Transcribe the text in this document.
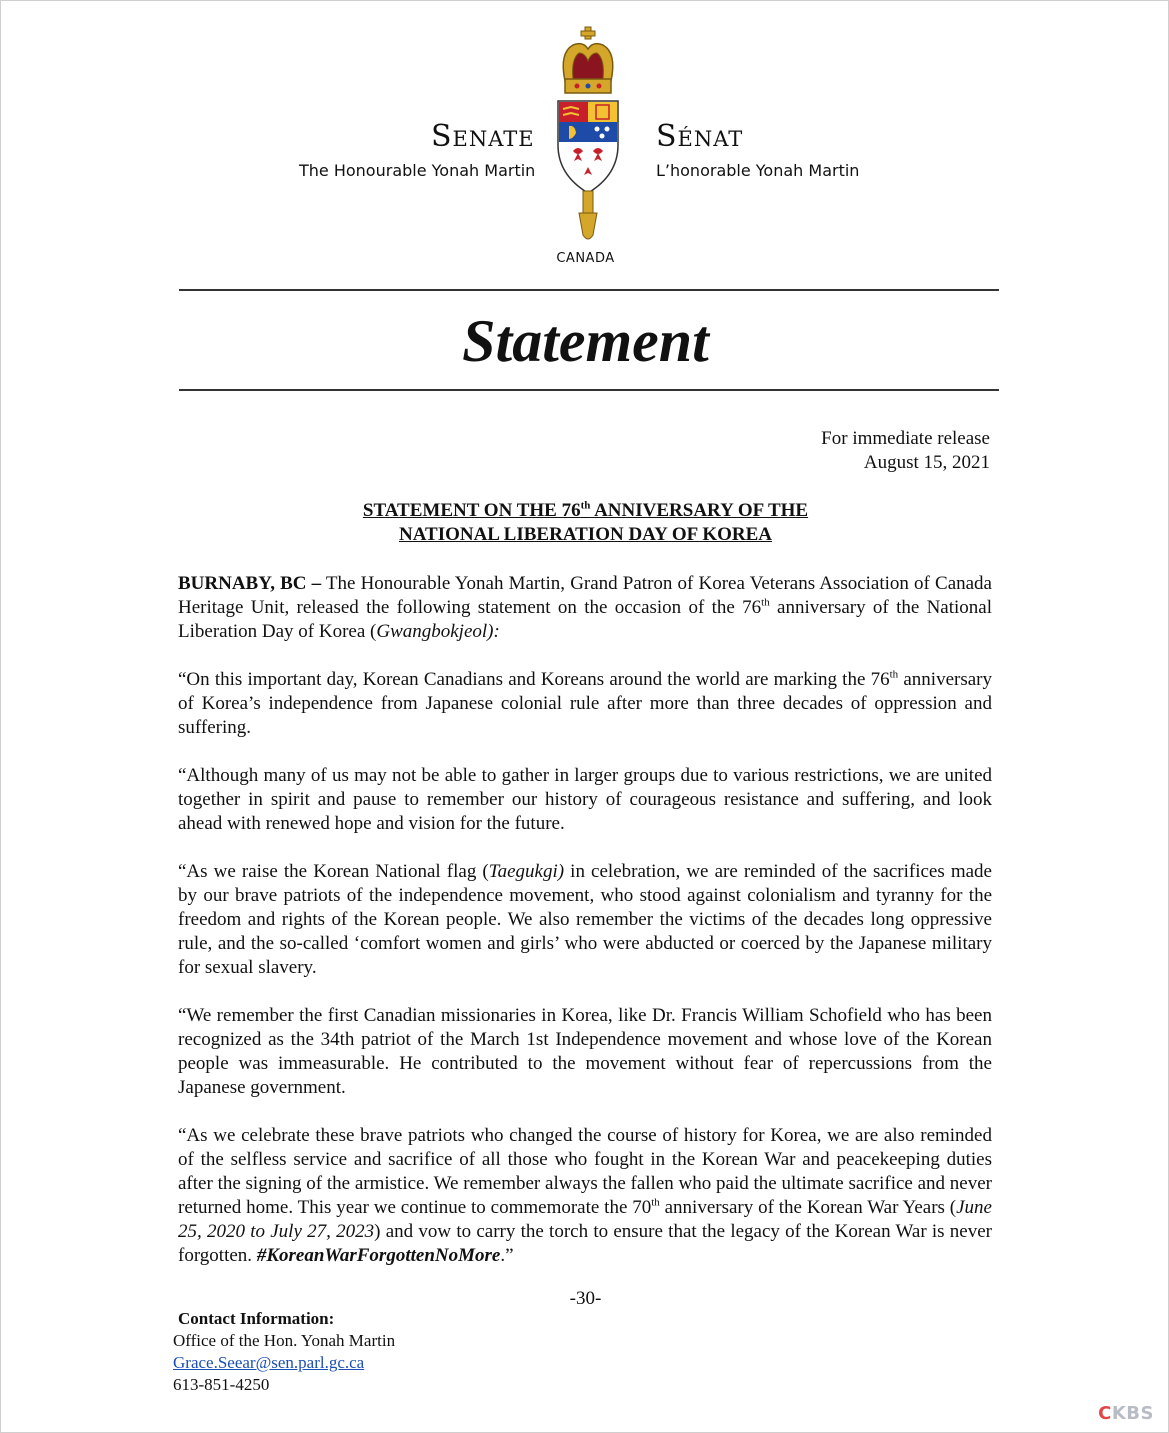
Senate
The Honourable Yonah Martin
Sénat
L’honorable Yonah Martin
CANADA
Statement
For immediate release
August 15, 2021
STATEMENT ON THE 76th ANNIVERSARY OF THE
NATIONAL LIBERATION DAY OF KOREA

BURNABY, BC – The Honourable Yonah Martin, Grand Patron of Korea Veterans Association of Canada Heritage Unit, released the following statement on the occasion of the 76th anniversary of the National Liberation Day of Korea (Gwangbokjeol):

“On this important day, Korean Canadians and Koreans around the world are marking the 76th anniversary of Korea’s independence from Japanese colonial rule after more than three decades of oppression and suffering.

“Although many of us may not be able to gather in larger groups due to various restrictions, we are united together in spirit and pause to remember our history of courageous resistance and suffering, and look ahead with renewed hope and vision for the future.

“As we raise the Korean National flag (Taegukgi) in celebration, we are reminded of the sacrifices made by our brave patriots of the independence movement, who stood against colonialism and tyranny for the freedom and rights of the Korean people. We also remember the victims of the decades long oppressive rule, and the so-called ‘comfort women and girls’ who were abducted or coerced by the Japanese military for sexual slavery.

“We remember the first Canadian missionaries in Korea, like Dr. Francis William Schofield who has been recognized as the 34th patriot of the March 1st Independence movement and whose love of the Korean people was immeasurable. He contributed to the movement without fear of repercussions from the Japanese government.

“As we celebrate these brave patriots who changed the course of history for Korea, we are also reminded of the selfless service and sacrifice of all those who fought in the Korean War and peacekeeping duties after the signing of the armistice. We remember always the fallen who paid the ultimate sacrifice and never returned home. This year we continue to commemorate the 70th anniversary of the Korean War Years (June 25, 2020 to July 27, 2023) and vow to carry the torch to ensure that the legacy of the Korean War is never forgotten. #KoreanWarForgottenNoMore.”

-30-
Contact Information:
Office of the Hon. Yonah Martin
Grace.Seear@sen.parl.gc.ca
613-851-4250
CKBS
